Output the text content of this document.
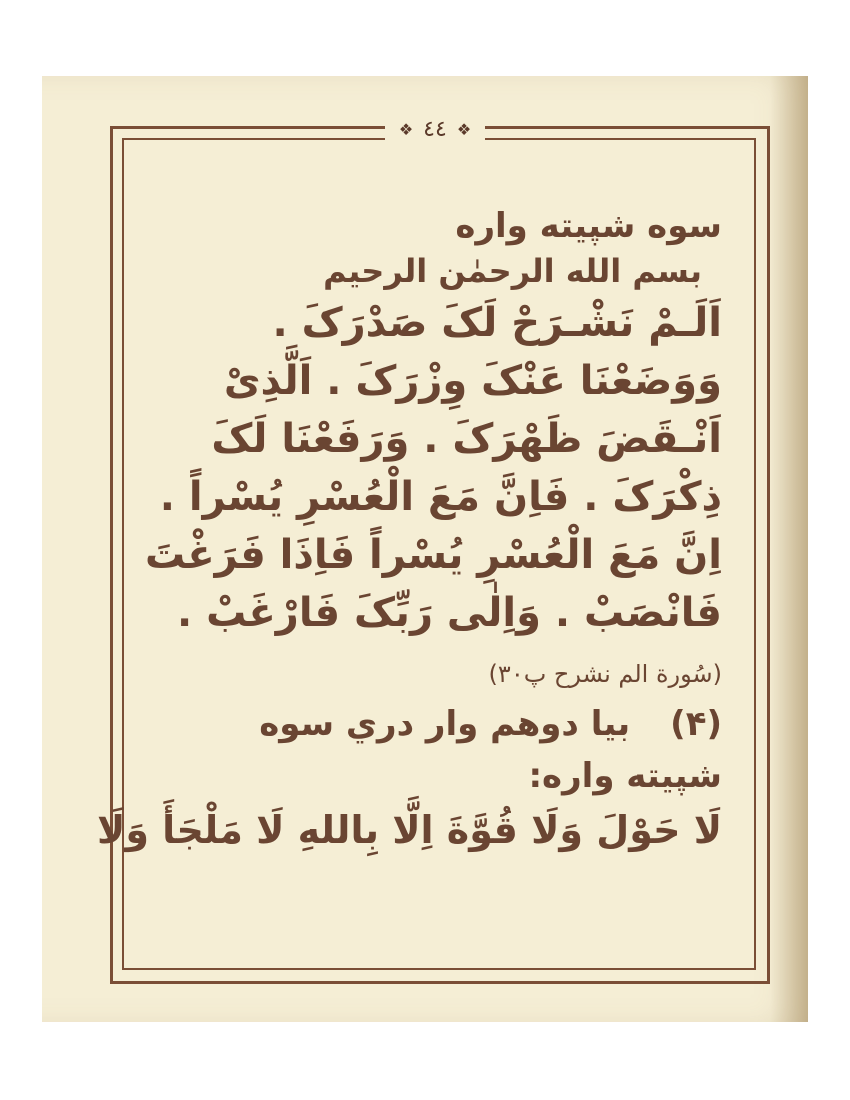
❖ ٤٤ ❖

سوه شپيته واره

بسم الله الرحمٰن الرحيم

اَلَـمْ نَشْـرَحْ لَکَ صَدْرَکَ .

وَوَضَعْنَا عَنْکَ وِزْرَکَ . اَلَّذِیْ

اَنْـقَضَ ظَهْرَکَ . وَرَفَعْنَا لَکَ

ذِکْرَکَ . فَاِنَّ مَعَ الْعُسْرِ يُسْراً .

اِنَّ مَعَ الْعُسْرِ يُسْراً فَاِذَا فَرَغْتَ

فَانْصَبْ . وَاِلٰى رَبِّکَ فَارْغَبْ .

(سُورة الم نشرح پ۳۰)

(۴)بيا دوهم وار دري سوه

شپيته واره:

لَا حَوْلَ وَلَا قُوَّةَ اِلَّا بِاللهِ لَا مَلْجَأَ وَلَا
